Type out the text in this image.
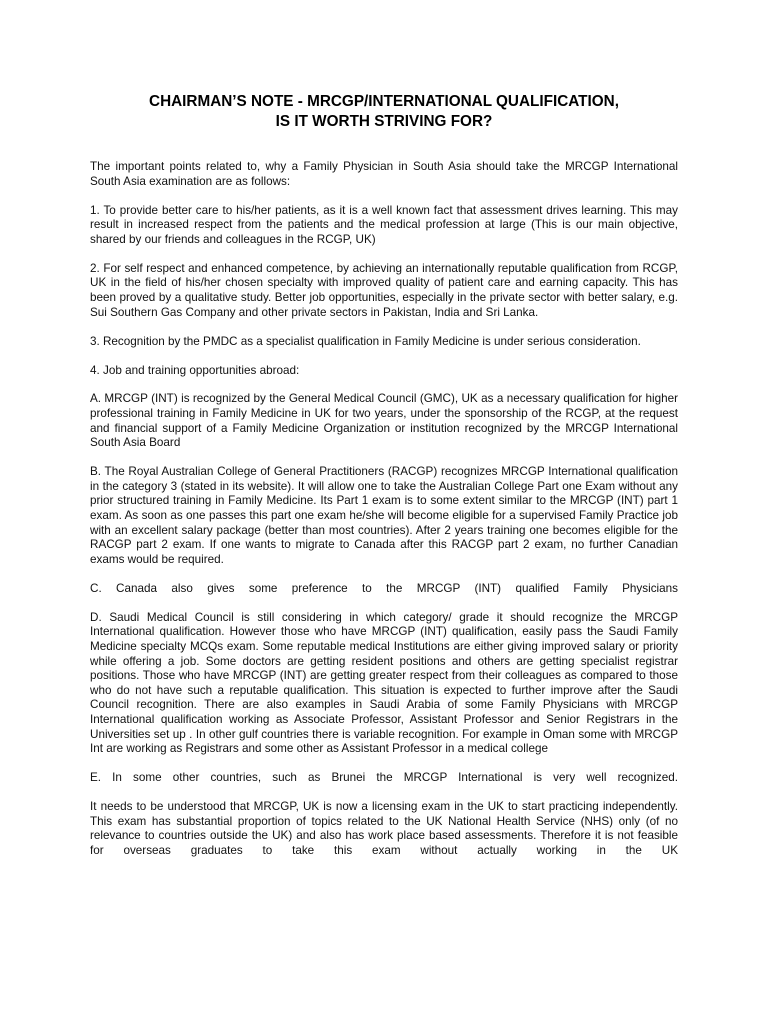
CHAIRMAN’S NOTE - MRCGP/INTERNATIONAL QUALIFICATION,
IS IT WORTH STRIVING FOR?

The important points related to, why a Family Physician in South Asia should take the MRCGP International South Asia examination are as follows:

1. To provide better care to his/her patients, as it is a well known fact that assessment drives learning. This may result in increased respect from the patients and the medical profession at large (This is our main objective, shared by our friends and colleagues in the RCGP, UK)

2. For self respect and enhanced competence, by achieving an internationally reputable qualification from RCGP, UK in the field of his/her chosen specialty with improved quality of patient care and earning capacity. This has been proved by a qualitative study. Better job opportunities, especially in the private sector with better salary, e.g. Sui Southern Gas Company and other private sectors in Pakistan, India and Sri Lanka.

3. Recognition by the PMDC as a specialist qualification in Family Medicine is under serious consideration.

4. Job and training opportunities abroad:

A. MRCGP (INT) is recognized by the General Medical Council (GMC), UK as a necessary qualification for higher professional training in Family Medicine in UK for two years, under the sponsorship of the RCGP, at the request and financial support of a Family Medicine Organization or institution recognized by the MRCGP International South Asia Board

B. The Royal Australian College of General Practitioners (RACGP) recognizes MRCGP International qualification in the category 3 (stated in its website). It will allow one to take the Australian College Part one Exam without any prior structured training in Family Medicine. Its Part 1 exam is to some extent similar to the MRCGP (INT) part 1 exam. As soon as one passes this part one exam he/she will become eligible for a supervised Family Practice job with an excellent salary package (better than most countries). After 2 years training one becomes eligible for the RACGP part 2 exam. If one wants to migrate to Canada after this RACGP part 2 exam, no further Canadian exams would be required.

C. Canada also gives some preference to the MRCGP (INT) qualified Family Physicians

D. Saudi Medical Council is still considering in which category/ grade it should recognize the MRCGP International qualification. However those who have MRCGP (INT) qualification, easily pass the Saudi Family Medicine specialty MCQs exam. Some reputable medical Institutions are either giving improved salary or priority while offering a job. Some doctors are getting resident positions and others are getting specialist registrar positions. Those who have MRCGP (INT) are getting greater respect from their colleagues as compared to those who do not have such a reputable qualification. This situation is expected to further improve after the Saudi Council recognition. There are also examples in Saudi Arabia of some Family Physicians with MRCGP International qualification working as Associate Professor, Assistant Professor and Senior Registrars in the Universities set up . In other gulf countries there is variable recognition. For example in Oman some with MRCGP Int are working as Registrars and some other as Assistant Professor in a medical college

E. In some other countries, such as Brunei the MRCGP International is very well recognized.

It needs to be understood that MRCGP, UK is now a licensing exam in the UK to start practicing independently. This exam has substantial proportion of topics related to the UK National Health Service (NHS) only (of no relevance to countries outside the UK) and also has work place based assessments. Therefore it is not feasible for overseas graduates to take this exam without actually working in the UK
